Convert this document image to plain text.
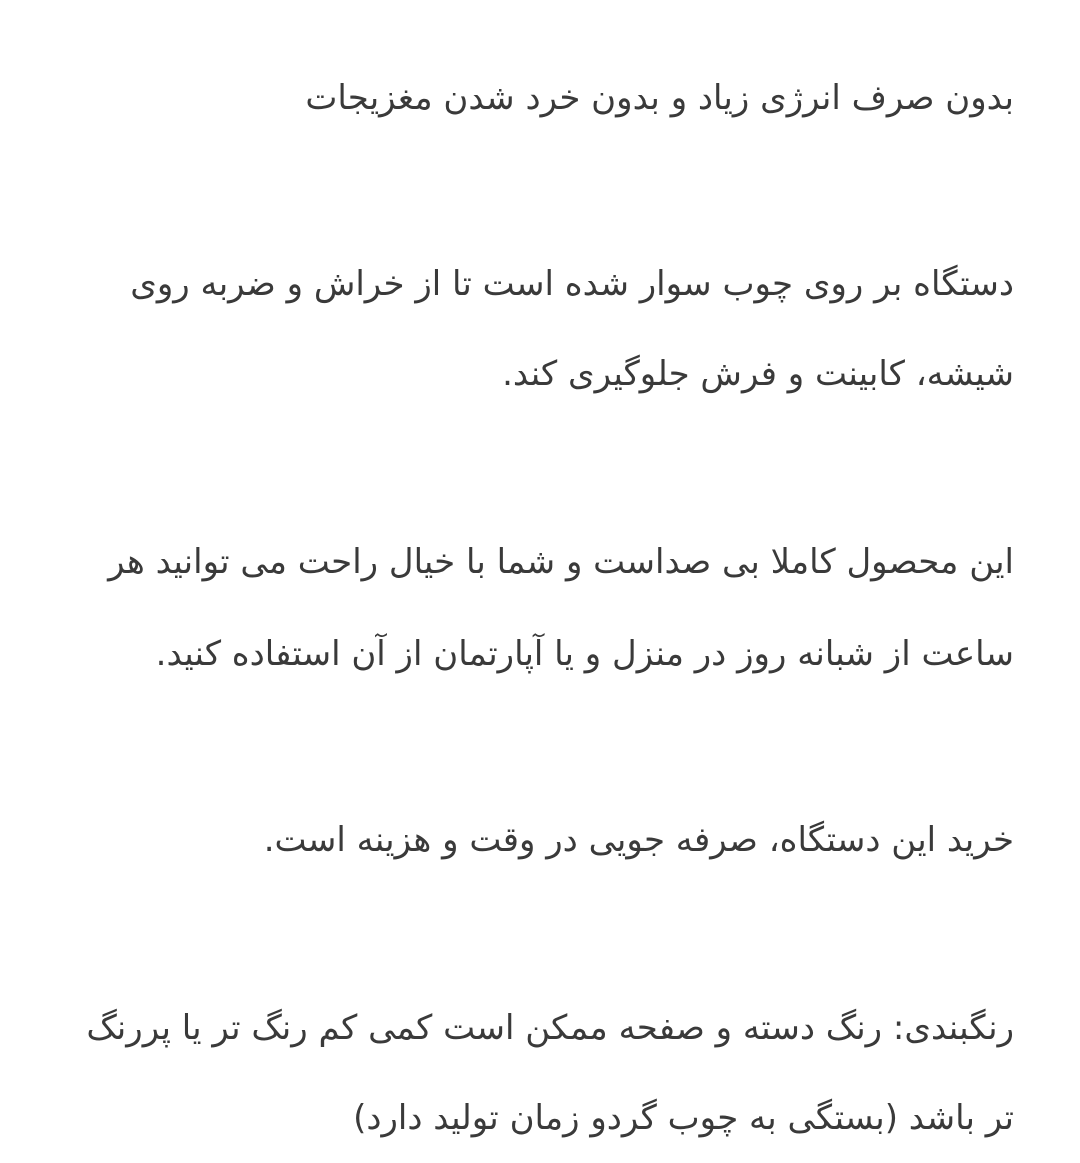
بدون صرف انرژی زیاد و بدون خرد شدن مغزیجات
دستگاه بر روی چوب سوار شده است تا از خراش و ضربه روی
شیشه، کابینت و فرش جلوگیری کند.
این محصول کاملا بی صداست و شما با خیال راحت می توانید هر
ساعت از شبانه روز در منزل و یا آپارتمان از آن استفاده کنید.
خرید این دستگاه، صرفه جویی در وقت و هزینه است.
رنگبندی: رنگ دسته و صفحه ممکن است کمی کم رنگ تر یا پررنگ
تر باشد (بستگی به چوب گردو زمان تولید دارد)
